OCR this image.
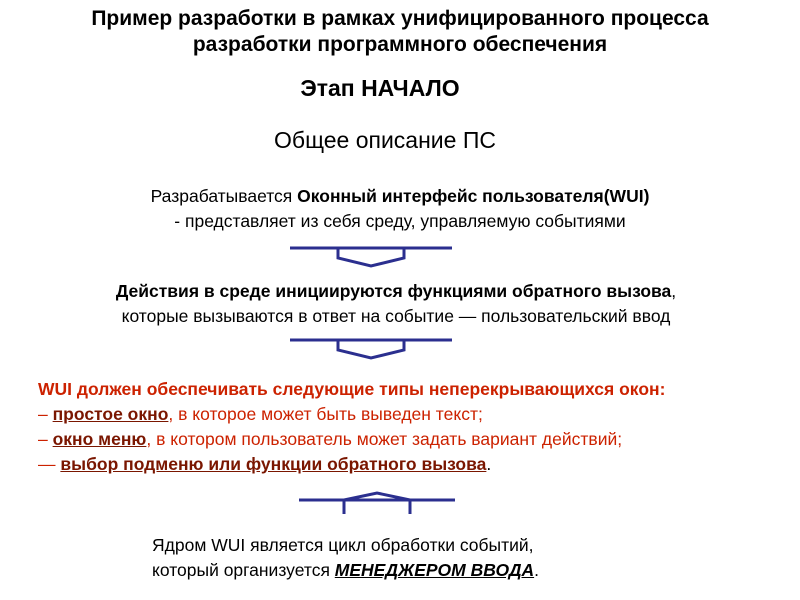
Пример разработки в рамках унифицированного процесса
разработки программного обеспечения
Этап НАЧАЛО
Общее описание ПС
Разрабатывается Оконный интерфейс пользователя(WUI)
- представляет из себя среду, управляемую событиями
Действия в среде инициируются функциями обратного вызова,
которые вызываются в ответ на событие — пользовательский ввод
WUI должен обеспечивать следующие типы неперекрывающихся окон:
– простое окно, в которое может быть выведен текст;
– окно меню, в котором пользователь может задать вариант действий;
— выбор подменю или функции обратного вызова.
Ядром WUI является цикл обработки событий,
который организуется МЕНЕДЖЕРОМ ВВОДА.
